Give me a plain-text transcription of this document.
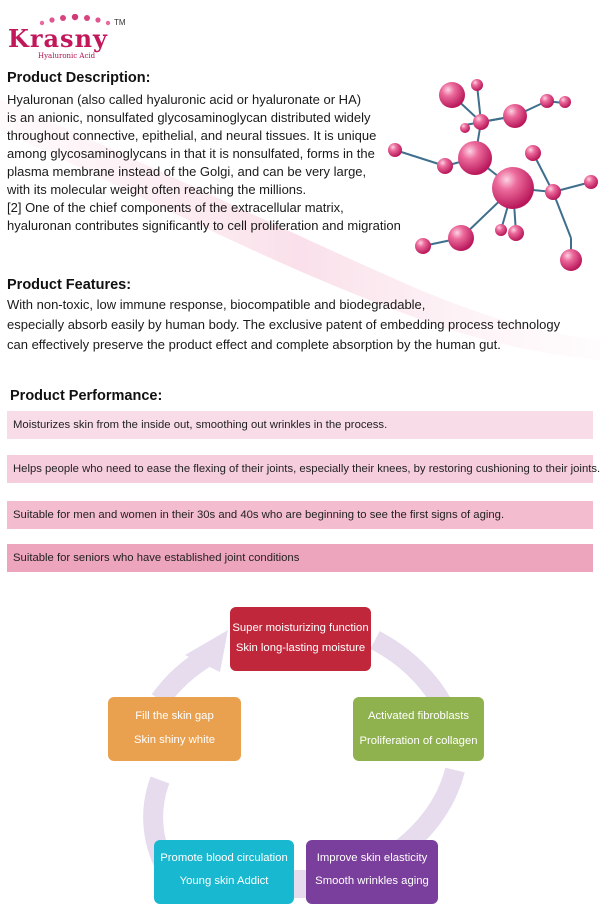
Krasny
TM
Hyaluronic Acid
Product Description:
Hyaluronan (also called hyaluronic acid or hyaluronate or HA)
is an anionic, nonsulfated glycosaminoglycan distributed widely
throughout connective, epithelial, and neural tissues. It is unique
among glycosaminoglycans in that it is nonsulfated, forms in the
plasma membrane instead of the Golgi, and can be very large,
with its molecular weight often reaching the millions.
[2] One of the chief components of the extracellular matrix,
hyaluronan contributes significantly to cell proliferation and migration
Product Features:
With non-toxic, low immune response, biocompatible and biodegradable,
especially absorb easily by human body. The exclusive patent of embedding process technology
can effectively preserve the product effect and complete absorption by the human gut.
Product Performance:
Moisturizes skin from the inside out, smoothing out wrinkles in the process.
Helps people who need to ease the flexing of their joints, especially their knees, by restoring cushioning to their joints.
Suitable for men and women in their 30s and 40s who are beginning to see the first signs of aging.
Suitable for seniors who have established joint conditions
Super moisturizing function
Skin long-lasting moisture
Activated fibroblasts
Proliferation of collagen
Improve skin elasticity
Smooth wrinkles aging
Promote blood circulation
Young skin Addict
Fill the skin gap
Skin shiny white
